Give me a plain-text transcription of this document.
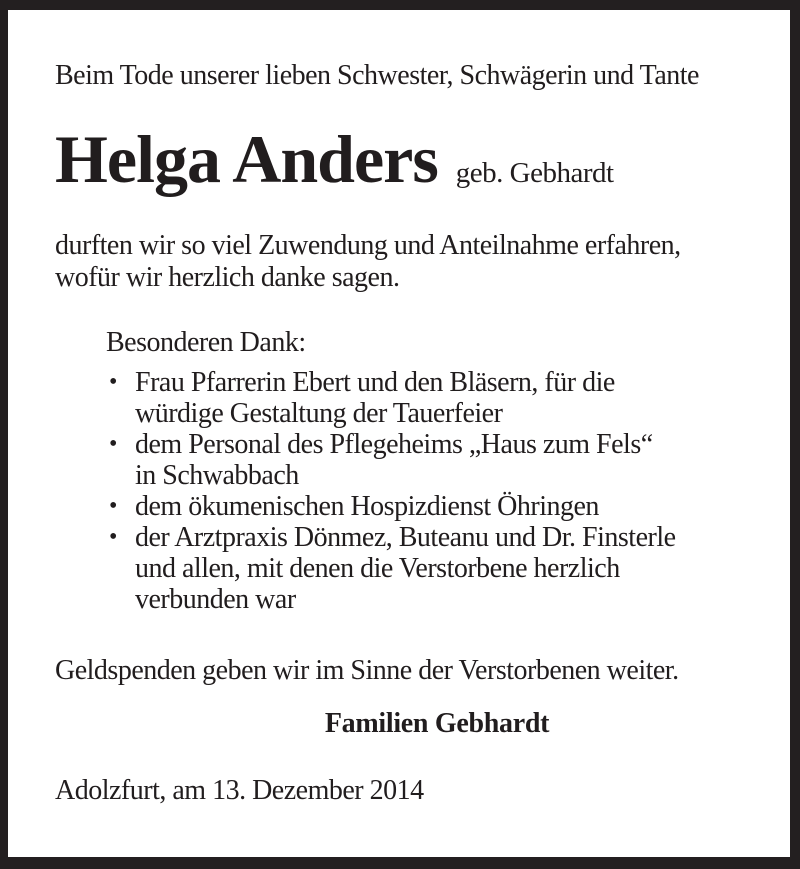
Beim Tode unserer lieben Schwester, Schwägerin und Tante

Helga Anders geb. Gebhardt
durften wir so viel Zuwendung und Anteilnahme erfahren,
wofür wir herzlich danke sagen.

Besonderen Dank:

• Frau Pfarrerin Ebert und den Bläsern, für die
würdige Gestaltung der Tauerfeier
• dem Personal des Pflegeheims „Haus zum Fels“
in Schwabbach
• dem ökumenischen Hospizdienst Öhringen
• der Arztpraxis Dönmez, Buteanu und Dr. Finsterle
und allen, mit denen die Verstorbene herzlich
verbunden war

Geldspenden geben wir im Sinne der Verstorbenen weiter.

Familien Gebhardt

Adolzfurt, am 13. Dezember 2014
